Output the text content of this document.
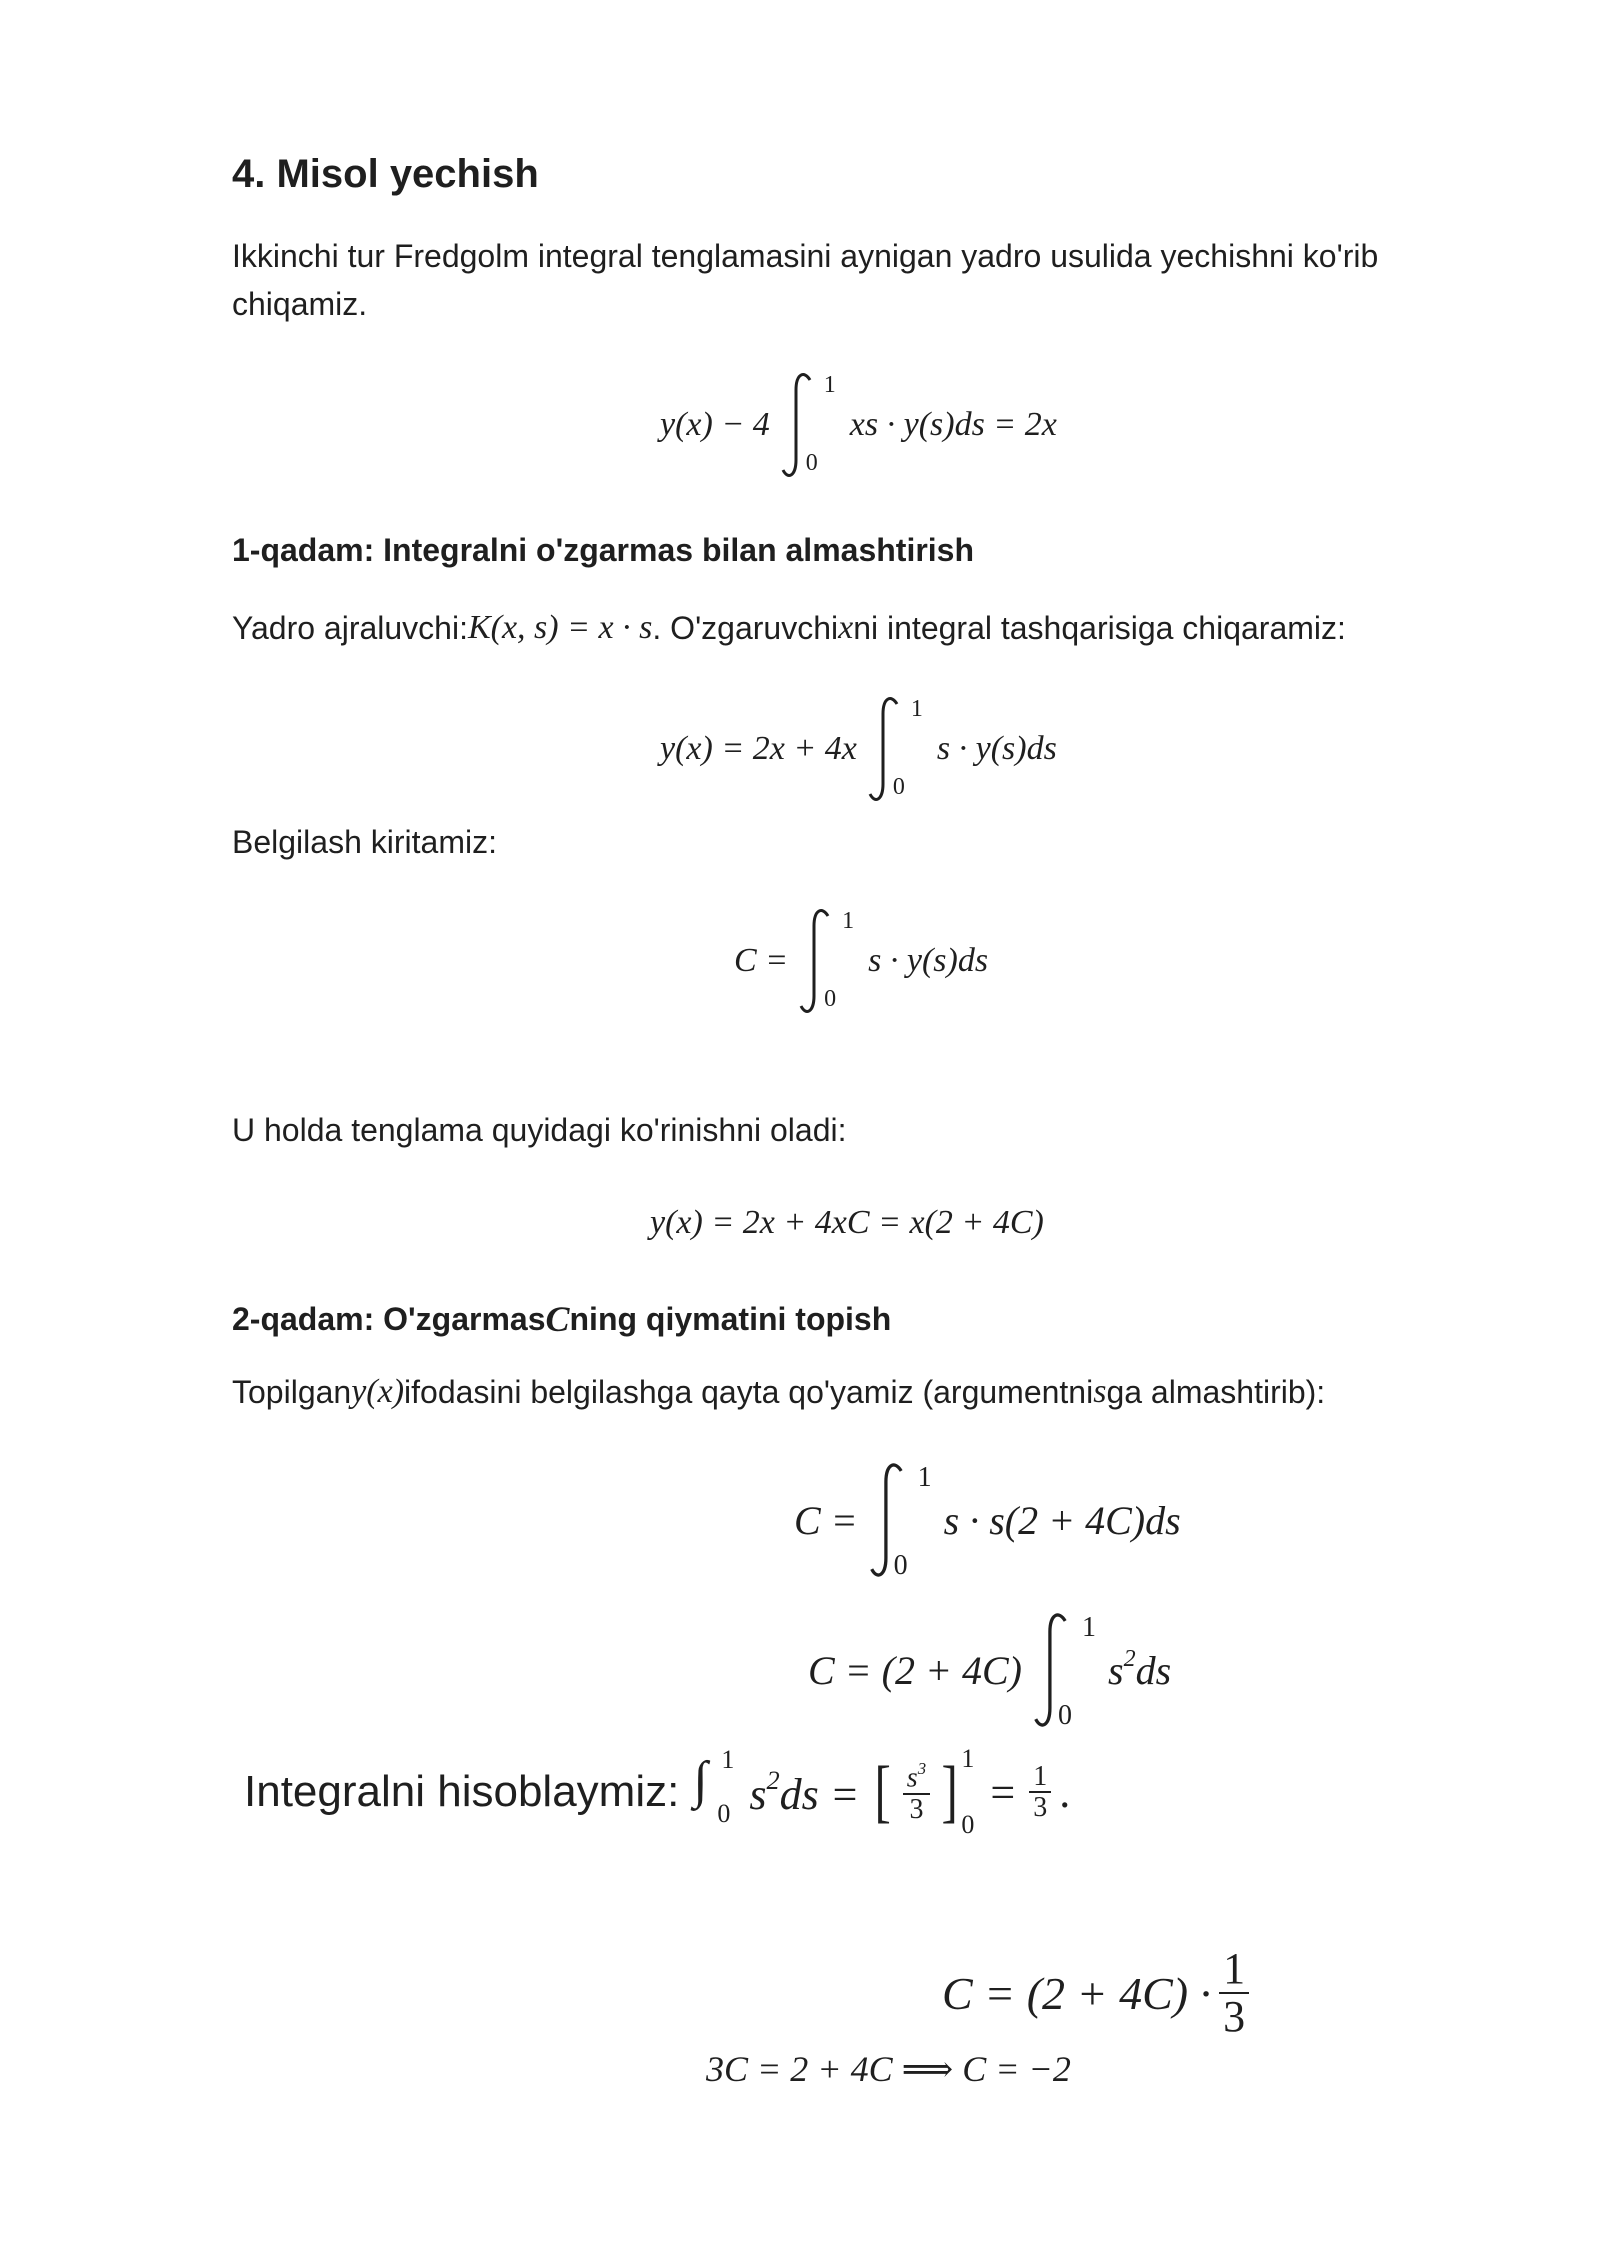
4. Misol yechish
Ikkinchi tur Fredgolm integral tenglamasini aynigan yadro usulida yechishni ko'rib
chiqamiz.
y(x) − 4
1
0
xs · y(s)ds = 2x
1-qadam: Integralni o'zgarmas bilan almashtirish
Yadro ajraluvchi: K(x, s) = x · s . O'zgaruvchi x ni integral tashqarisiga chiqaramiz:
y(x) = 2x + 4x
1
0
s · y(s)ds
Belgilash kiritamiz:
C =
1
0
s · y(s)ds
U holda tenglama quyidagi ko'rinishni oladi:
y(x) = 2x + 4xC = x(2 + 4C)
2-qadam: O'zgarmas C ning qiymatini topish
Topilgan y(x) ifodasini belgilashga qayta qo'yamiz (argumentni s ga almashtirib):
C =
1
0
s · s(2 + 4C)ds
C = (2 + 4C)
1
0
$s^2ds$
Integralni hisoblaymiz: ∫ 1
0 $s^2ds$ = [ $\frac{s^3}{3}$ ] 1
0
= $\frac{1}{3}$ .
$C = (2 + 4C) \cdot \frac{1}{3}$
3C = 2 + 4C ⟹ C = −2
